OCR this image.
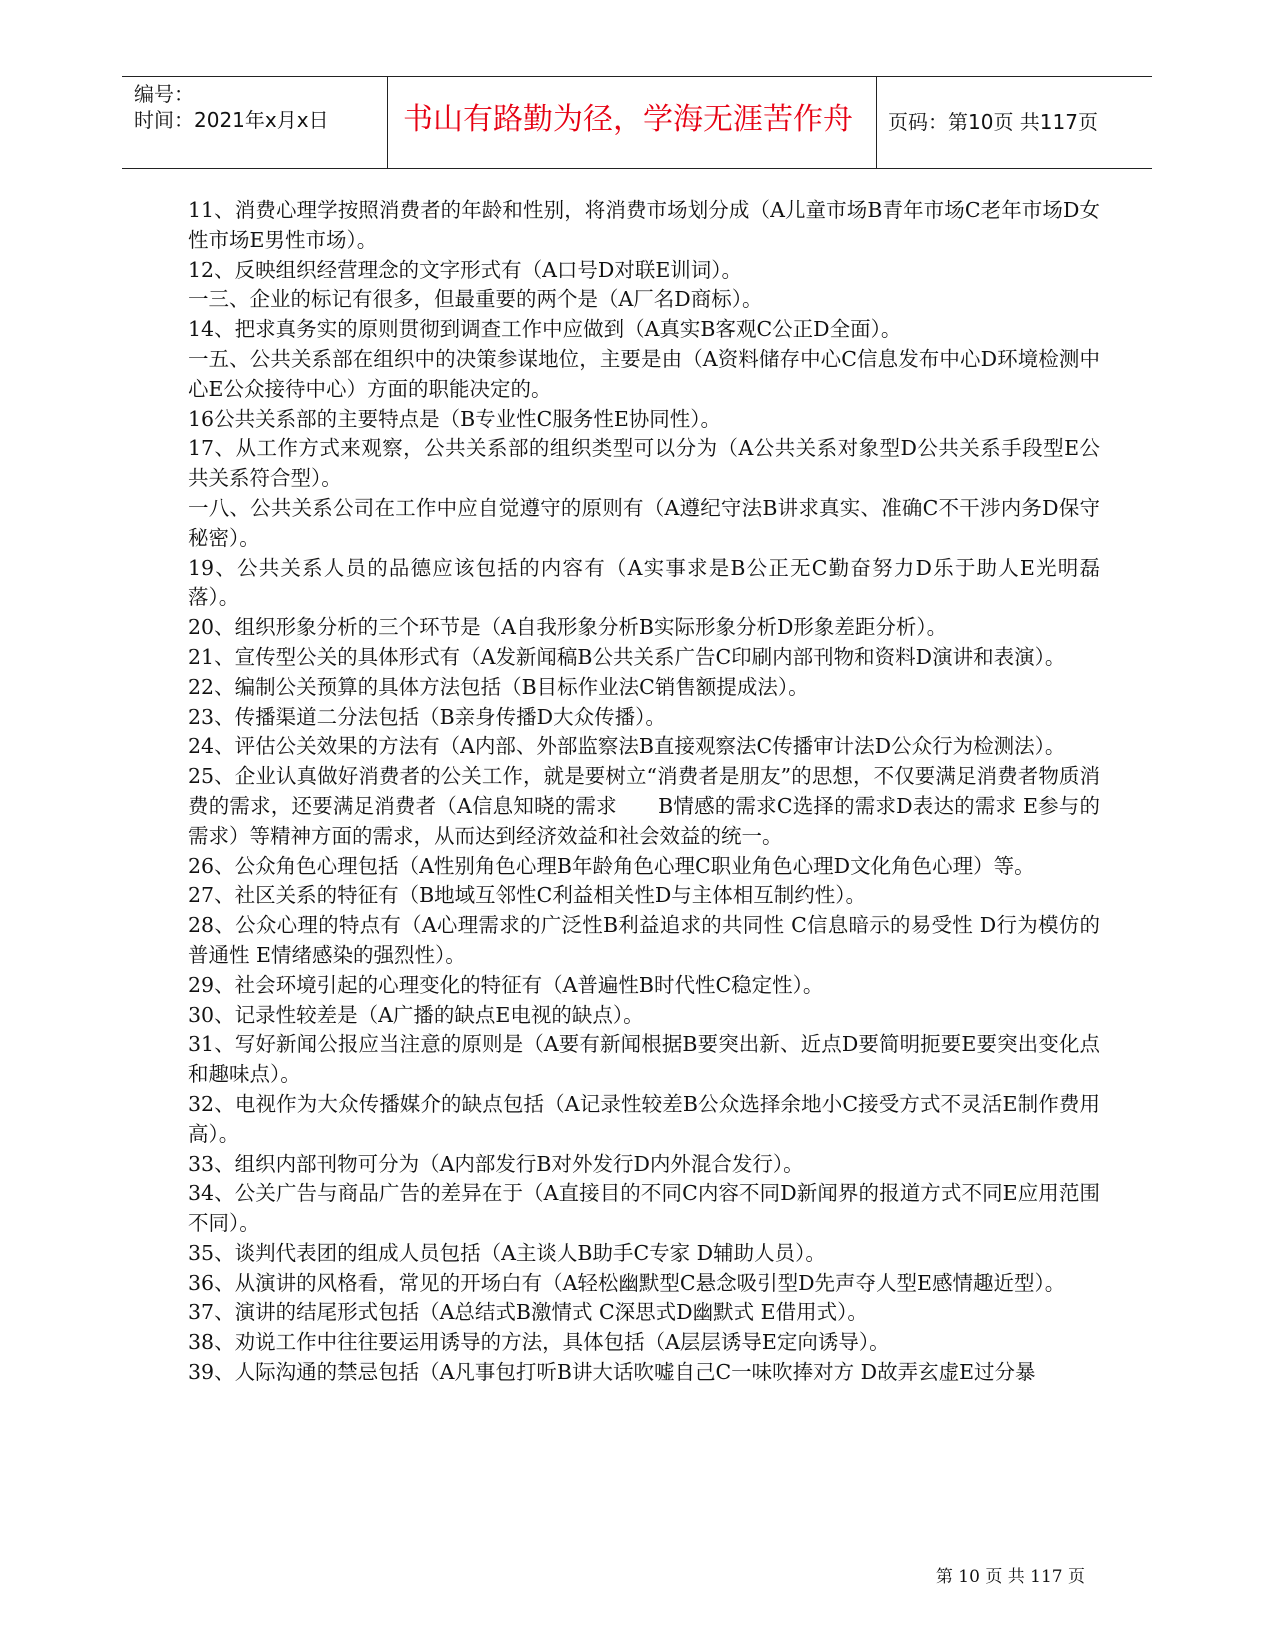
编号：
时间：2021年x月x日	书山有路勤为径，学海无涯苦作舟	页码：第10页 共117页

11、消费心理学按照消费者的年龄和性别，将消费市场划分成（A儿童市场B青年市场C老年市场D女性市场E男性市场）。

12、反映组织经营理念的文字形式有（A口号D对联E训词）。

一三、企业的标记有很多，但最重要的两个是（A厂名D商标）。

14、把求真务实的原则贯彻到调查工作中应做到（A真实B客观C公正D全面）。

一五、公共关系部在组织中的决策参谋地位，主要是由（A资料储存中心C信息发布中心D环境检测中心E公众接待中心）方面的职能决定的。

16公共关系部的主要特点是（B专业性C服务性E协同性）。

17、从工作方式来观察，公共关系部的组织类型可以分为（A公共关系对象型D公共关系手段型E公共关系符合型）。

一八、公共关系公司在工作中应自觉遵守的原则有（A遵纪守法B讲求真实、准确C不干涉内务D保守秘密）。

19、公共关系人员的品德应该包括的内容有（A实事求是B公正无C勤奋努力D乐于助人E光明磊落）。

20、组织形象分析的三个环节是（A自我形象分析B实际形象分析D形象差距分析）。

21、宣传型公关的具体形式有（A发新闻稿B公共关系广告C印刷内部刊物和资料D演讲和表演）。

22、编制公关预算的具体方法包括（B目标作业法C销售额提成法）。

23、传播渠道二分法包括（B亲身传播D大众传播）。

24、评估公关效果的方法有（A内部、外部监察法B直接观察法C传播审计法D公众行为检测法）。

25、企业认真做好消费者的公关工作，就是要树立“消费者是朋友”的思想，不仅要满足消费者物质消费的需求，还要满足消费者（A信息知晓的需求　　B情感的需求C选择的需求D表达的需求 E参与的需求）等精神方面的需求，从而达到经济效益和社会效益的统一。

26、公众角色心理包括（A性别角色心理B年龄角色心理C职业角色心理D文化角色心理）等。

27、社区关系的特征有（B地域互邻性C利益相关性D与主体相互制约性）。

28、公众心理的特点有（A心理需求的广泛性B利益追求的共同性 C信息暗示的易受性 D行为模仿的普通性 E情绪感染的强烈性）。

29、社会环境引起的心理变化的特征有（A普遍性B时代性C稳定性）。

30、记录性较差是（A广播的缺点E电视的缺点）。

31、写好新闻公报应当注意的原则是（A要有新闻根据B要突出新、近点D要简明扼要E要突出变化点和趣味点）。

32、电视作为大众传播媒介的缺点包括（A记录性较差B公众选择余地小C接受方式不灵活E制作费用高）。

33、组织内部刊物可分为（A内部发行B对外发行D内外混合发行）。

34、公关广告与商品广告的差异在于（A直接目的不同C内容不同D新闻界的报道方式不同E应用范围不同）。

35、谈判代表团的组成人员包括（A主谈人B助手C专家 D辅助人员）。

36、从演讲的风格看，常见的开场白有（A轻松幽默型C悬念吸引型D先声夺人型E感情趣近型）。

37、演讲的结尾形式包括（A总结式B激情式 C深思式D幽默式 E借用式）。

38、劝说工作中往往要运用诱导的方法，具体包括（A层层诱导E定向诱导）。

39、人际沟通的禁忌包括（A凡事包打听B讲大话吹嘘自己C一味吹捧对方 D故弄玄虚E过分暴

第 10 页 共 117 页
